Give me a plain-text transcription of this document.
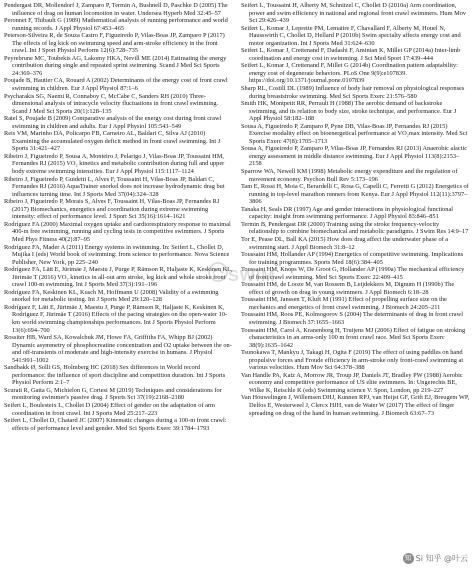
Pendergast DR, Mollendorf J, Zamparo P, Termin A, Bushnell D, Paschke D (2005) The influence of drag on human locomotion in water. Undersea Hyperb Med 32:45–57

Peronnet F, Thibault G (1989) Mathematical analysis of running performance and world running records. J Appl Physiol 67:453–465

Peterson-Silveira R, de Souza Castro F, Figueiredo P, Vilas-Boas JP, Zamparo P (2017) The effects of leg kick on swimming speed and arm-stroke efficiency in the front crawl. Int J Sport Physiol Perform 12(6):728–735

Peyrebrune MC, Toubekis AG, Lakomy HKA, Nevill ME (2014) Estimating the energy contribution during single and repeated sprint swimming. Scand J Med Sci Sports 24:369–376

Poujade B, Hautier CA, Rouard A (2002) Determinants of the energy cost of front crawl swimming in children. Eur J Appl Physiol 87:1–6

Psycharakis SG, Naemi R, Connaboy C, McCabe C, Sanders RH (2010) Three-dimensional analysis of intracycle velocity fluctuations in front crawl swimming. Scand J Med Sci Sports 20(1):128–135

Ratel S, Poujade B (2009) Comparative analysis of the energy cost during front crawl swimming in children and adults. Eur J Appl Physiol 105:543–549

Reis VM, Marinho DA, Policarpo FB, Carneiro AL, Baldari C, Silva AJ (2010) Examining the accumulated oxygen deficit method in front crawl swimming. Int J Sports 31:421–427

Ribeiro J, Figueiredo P, Sousa A, Monteiro J, Pelarigo J, Vilas-Boas JP, Toussaint HM, Fernandes RJ (2015) VO₂ kinetics and metabolic contribution during full and upper body extreme swimming intensities. Eur J Appl Physiol 115:1117–1124

Ribeiro J, Figueiredo P, Guidetti L, Alves F, Toussaint H, Vilas-Boas JP, Baldari C, Fernandes RJ (2016) AquaTrainer snorkel does not increase hydrodynamic drag but influences turning time. Int J Sports Med 37(04):324–328

Ribeiro J, Figueiredo P, Morais S, Alves F, Toussaint H, Vilas-Boas JP, Fernandes RJ (2017) Biomechanics, energetics and coordination during extreme swimming intensity: effect of performance level. J Sport Sci 35(16):1614–1621

Rodríguez FA (2000) Maximal oxygen uptake and cardiorespiratory response to maximal 400-m free swimming, running and cycling tests in competitive swimmers. J Sports Med Phys Fitness 40(2):87–95

Rodríguez FA, Mader A (2011) Energy systems in swimming. In: Seifert L, Chollet D, Mujika I (eds) World book of swimming: from science to performance. Nova Science Publisher, New York, pp 225–240

Rodríguez FA, Lätt E, Jürimäe J, Maestu J, Purge P, Rämson R, Haljaste K, Keskinen KL, Jürimäe T (2016) VO₂ kinetics in all-out arm stroke, leg kick and whole stroke front crawl 100-m swimming. Int J Sports Med 37(3):191–196

Rodríguez FA, Keskinen KL, Kusch M, Hoffmann U (2008) Validity of a swimming snorkel for metabolic testing. Int J Sports Med 29:120–128

Rodríguez F, Lätt E, Jürimäe J, Maestu J, Purge P, Rämson R, Haljaste K, Keskinen K, Rodriguez F, Jürimäe T (2016) Effects of the pacing strategies on the open-water 10-km world swimming championships performances. Int J Sports Physiol Perform 13(6):694–700

Rossiter HB, Ward SA, Kowalchuk JM, Howe FA, Griffiths FA, Whipp BJ (2002) Dynamic asymmetry of phosphocreatine concentration and O2 uptake between the on- and off-transients of moderate and high-intensity exercise in humans. J Physiol 541:991–1002

Sandbakk Ø, Solli GS, Holmberg HC (2018) Sex differences in World record performance: the influence of sport discipline and competition duration. Int J Sports Physiol Perform 2:1–7

Scurati R, Gatta G, Michielon G, Cortesi M (2019) Techniques and considerations for monitoring swimmer's passive drag. J Sports Sci 37(19):2168–2180

Seifert L, Boulesteix L, Chollet D (2004) Effect of gender on the adaptation of arm coordination in front crawl. Int J Sports Med 25:217–223

Seifert L, Chollet D, Chatard JC (2007) Kinematic changes during a 100-m front crawl: effects of performance level and gender. Med Sci Sports Exerc 39:1784–1793

Seifert L, Toussaint H, Alberty M, Schnitzel C, Chollet D (2010a) Arm coordination, power and swim efficiency in national and regional front crawl swimmers. Hum Mov Sci 29:426–439

Seifert L, Komar J, Leprette PM, Lemaitre F, Chavallard F, Alberty M, Houel N, Hausswirth C, Chollet D, Hellard P (2010b) Swim specialty affects energy cost and motor organization. Int J Sports Med 31:624–630

Seifert L, Komar J, Crettenand F, Dadashi F, Aminian K, Millet GP (2014a) Inter-limb coordination and energy cost in swimming. J Sci Med Sport 17:439–444

Seifert L, Komar J, Crettenand F, Millet G (2014b) Coordination pattern adaptability: energy cost of degenerate behaviors. PLoS One 9(9):e107839. https://doi.org/10.1371/journal.pone.0107839

Sharp RL, Costill DL (1989) Influence of body hair removal on physiological responses during breaststroke swimming. Med Sci Sports Exerc 21:576–580

Smith HK, Montpetit RR, Perrault H (1988) The aerobic demand of backstroke swimming, and its relation to body size, stroke technique, and performance. Eur J Appl Physiol 58:182–188

Sousa A, Figueiredo P, Zamparo P, Pyne DB, Vilas-Boas JP, Fernandes RJ (2015) Exercise modality effect on bioenergetical performance at VO₂max intensity. Med Sci Sports Exerc 47(8):1705–1713

Sousa A, Figueiredo P, Zamparo P, Vilas-Boas JP, Fernandes RJ (2013) Anaerobic alactic energy assessment in middle distance swimming. Eur J Appl Physiol 113(8):2153–2158

Sparrow WA, Newell KM (1998) Metabolic energy expenditure and the regulation of movement economy. Psychon Bull Rev 5:173–196

Tam E, Rossi H, Moia C, Berardelli C, Rosa G, Capelli C, Ferretti G (2012) Energetics of running in top-level marathon runners from Kenya. Eur J Appl Physiol 112(11):3797–3806

Tanaka H, Seals DR (1997) Age and gender interactions in physiological functional capacity: insight from swimming performance. J Appl Physiol 83:846–851

Termin B, Pendergast DR (2000) Training using the stroke frequency-velocity relationship to combine biomechanical and metabolic paradigms. J Swim Res 14:9–17

Tor E, Pease DL, Ball KA (2015) How does drag affect the underwater phase of a swimming start. J Appl Biomech 31:8–12

Toussaint HM, Hollander AP (1994) Energetics of competitive swimming. Implications for training programmes. Sports Med 18(6):384–405

Toussaint HM, Knops W, De Groot G, Hollander AP (1990a) The mechanical efficiency of front crawl swimming. Med Sci Sports Exerc 22:409–415

Toussaint HM, de Looze M, van Rossem B, Leijdekkers M, Dignum H (1990b) The effect of growth on drag in young swimmers. J Appl Biomech 6:18–28

Toussaint HM, Janssen T, Kluft M (1991) Effect of propelling surface size on the mechanics and energetics of front crawl swimming. J Biomech 24:205–211

Toussaint HM, Roos PE, Kolmogorov S (2004) The determinants of drag in front crawl swimming. J Biomech 37:1655–1663

Toussaint HM, Carol A, Kranenborg H, Truijens MJ (2006) Effect of fatigue on stroking characteristics in an arms-only 100 m front crawl race. Med Sci Sports Exerc 38(9):1635–1642

Tsunokawa T, Mankyu J, Takagi H, Ogita F (2019) The effect of using paddles on hand propulsive forces and Froude efficiency in arm-stroke only front-crawl swimming at various velocities. Hum Mov Sci 64:378–388

Van Handle PA, Katz A, Morrow JR, Troup JP, Daniels JT, Bradley PW (1988) Aerobic economy and competitive performance of US elite swimmers. In: Ungerechts BE, Wilke K, Reischle K (eds) Swimming science V. Spon, London, pp 219–227

Van Houwelingen J, Willemsen DHJ, Kunnen RPJ, van Heijst GF, Grift EJ, Breugem WP, Delfos E, Westerweel J, Clercx HJH, van de Water W (2017) The effect of finger spreading on drag of the hand in human swimming. J Biomech 63:67–73

SWIM
知 Si 知乎 @叶云
